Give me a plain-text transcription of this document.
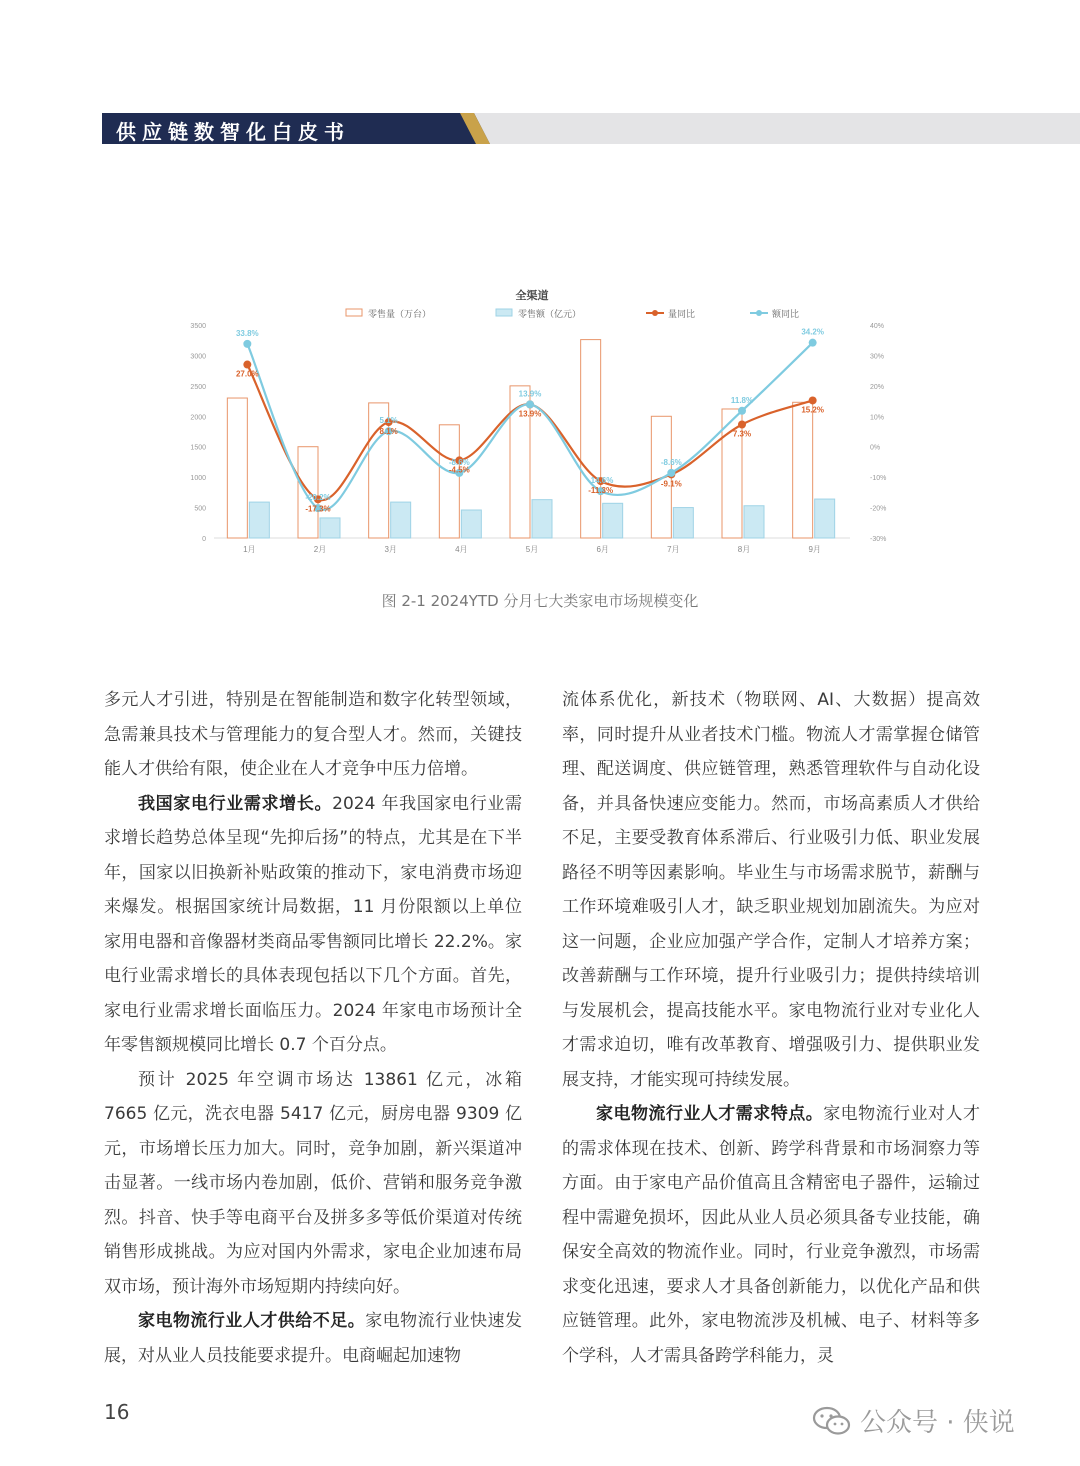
供应链数智化白皮书
全渠道
零售量（万台）	零售额（亿元）	量同比	额同比
0
500
1000
1500
2000
2500
3000
3500
-30%
-20%
-10%
0%
10%
20%
30%
40%
1月	2月	3月	4月	5月	6月	7月	8月	9月
27.0%
-17.3%
8.1%
-4.5%
13.9%
-11.3%
-9.1%
7.3%
15.2%
33.8%
-20.2%
5.1%
-8.6%
13.9%
-14.6%
-8.6%
11.8%
34.2%
图 2-1 2024YTD 分月七大类家电市场规模变化

多元人才引进，特别是在智能制造和数字化转型领域，急需兼具技术与管理能力的复合型人才。然而，关键技能人才供给有限，使企业在人才竞争中压力倍增。

我国家电行业需求增长。2024 年我国家电行业需求增长趋势总体呈现“先抑后扬”的特点，尤其是在下半年，国家以旧换新补贴政策的推动下，家电消费市场迎来爆发。根据国家统计局数据，11 月份限额以上单位家用电器和音像器材类商品零售额同比增长 22.2%。家电行业需求增长的具体表现包括以下几个方面。首先，家电行业需求增长面临压力。2024 年家电市场预计全年零售额规模同比增长 0.7 个百分点。

预计 2025 年空调市场达 13861 亿元，冰箱 7665 亿元，洗衣电器 5417 亿元，厨房电器 9309 亿元，市场增长压力加大。同时，竞争加剧，新兴渠道冲击显著。一线市场内卷加剧，低价、营销和服务竞争激烈。抖音、快手等电商平台及拼多多等低价渠道对传统销售形成挑战。为应对国内外需求，家电企业加速布局双市场，预计海外市场短期内持续向好。

家电物流行业人才供给不足。家电物流行业快速发展，对从业人员技能要求提升。电商崛起加速物

流体系优化，新技术（物联网、AI、大数据）提高效率，同时提升从业者技术门槛。物流人才需掌握仓储管理、配送调度、供应链管理，熟悉管理软件与自动化设备，并具备快速应变能力。然而，市场高素质人才供给不足，主要受教育体系滞后、行业吸引力低、职业发展路径不明等因素影响。毕业生与市场需求脱节，薪酬与工作环境难吸引人才，缺乏职业规划加剧流失。为应对这一问题，企业应加强产学合作，定制人才培养方案；改善薪酬与工作环境，提升行业吸引力；提供持续培训与发展机会，提高技能水平。家电物流行业对专业化人才需求迫切，唯有改革教育、增强吸引力、提供职业发展支持，才能实现可持续发展。

家电物流行业人才需求特点。家电物流行业对人才的需求体现在技术、创新、跨学科背景和市场洞察力等方面。由于家电产品价值高且含精密电子器件，运输过程中需避免损坏，因此从业人员必须具备专业技能，确保安全高效的物流作业。同时，行业竞争激烈，市场需求变化迅速，要求人才具备创新能力，以优化产品和供应链管理。此外，家电物流涉及机械、电子、材料等多个学科，人才需具备跨学科能力，灵

16	公众号 · 侠说
